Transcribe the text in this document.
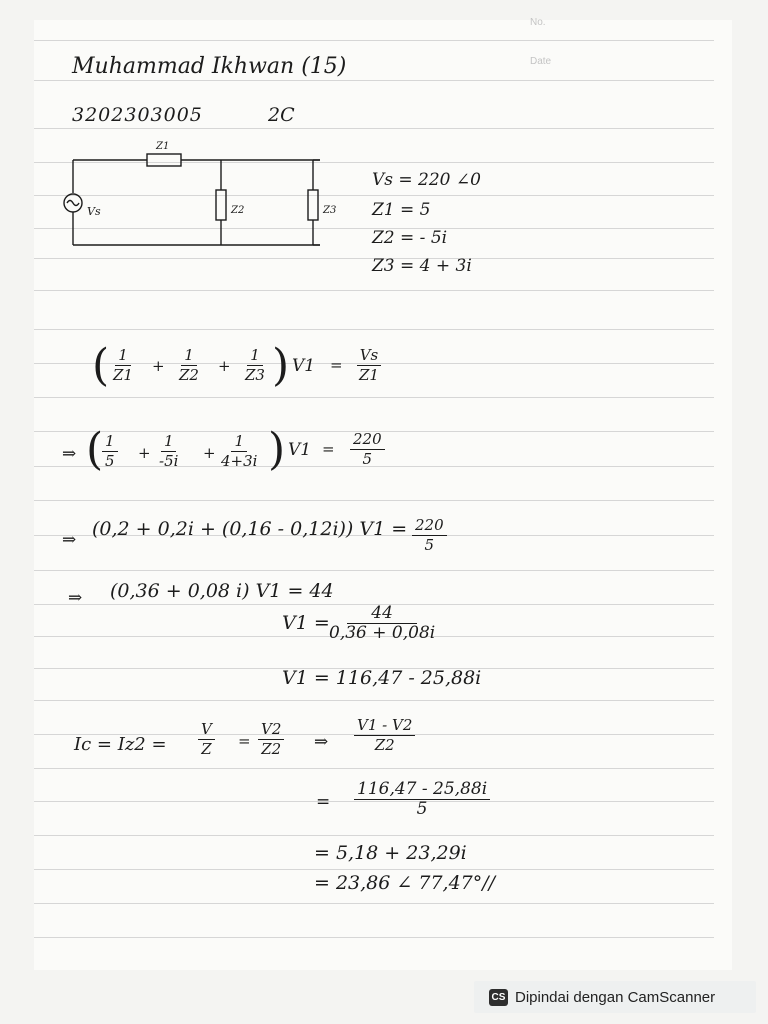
No.
Date
Muhammad Ikhwan (15)
3202303005	2C
Z1
Vs	Z2	Z3
Vs = 220 ∠0
Z1 = 5
Z2 = - 5i
Z3 = 4 + 3i
( $\frac{1}{Z1} + \frac{1}{Z2} + \frac{1}{Z3}$ ) $V1 = \frac{Vs}{Z1}$
⇒ (
$\frac{1}{5} + \frac{1}{-5i} + \frac{1}{4+3i}$ ) $V1 = \frac{220}{5}$
⇒ (0,2 + 0,2i + (0,16 - 0,12i)) $V1 = \frac{220}{5}$
⇒ (0,36 + 0,08 i) V1 = 44
V1 =
$\frac{44}{0,36 + 0,08i}$
V1 = 116,47 - 25,88i
$Ic = Iz2 = \frac{V}{Z} = \frac{V2}{Z2}$ ⇒ $\frac{V1 - V2}{Z2}$
= $\frac{116,47 - 25,88i}{5}$
= 5,18 + 23,29i
= 23,86 ∠ 77,47°//
CS Dipindai dengan CamScanner
